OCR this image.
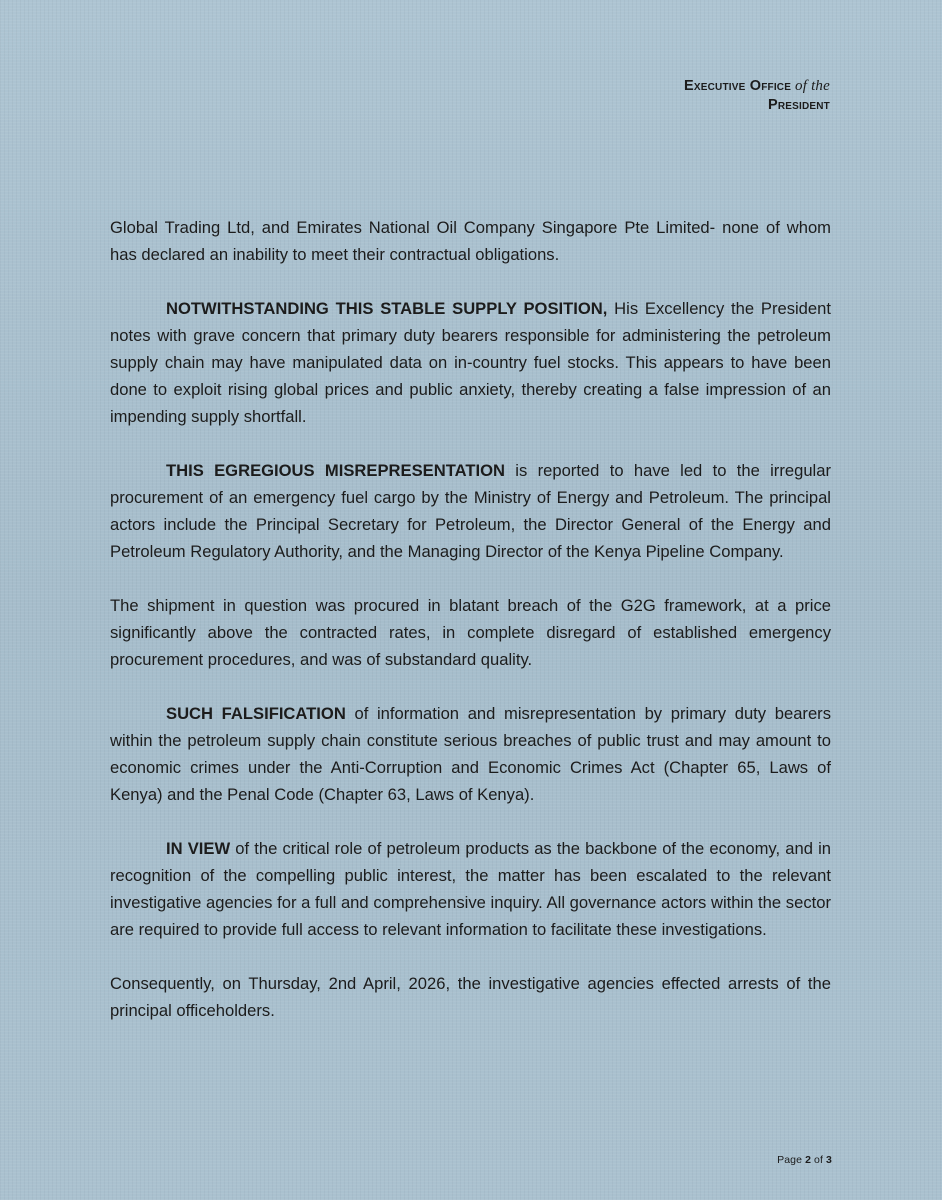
Executive Office of the
President

Global Trading Ltd, and Emirates National Oil Company Singapore Pte Limited- none of whom has declared an inability to meet their contractual obligations.

NOTWITHSTANDING THIS STABLE SUPPLY POSITION, His Excellency the President notes with grave concern that primary duty bearers responsible for administering the petroleum supply chain may have manipulated data on in-country fuel stocks. This appears to have been done to exploit rising global prices and public anxiety, thereby creating a false impression of an impending supply shortfall.

THIS EGREGIOUS MISREPRESENTATION is reported to have led to the irregular procurement of an emergency fuel cargo by the Ministry of Energy and Petroleum. The principal actors include the Principal Secretary for Petroleum, the Director General of the Energy and Petroleum Regulatory Authority, and the Managing Director of the Kenya Pipeline Company.

The shipment in question was procured in blatant breach of the G2G framework, at a price significantly above the contracted rates, in complete disregard of established emergency procurement procedures, and was of substandard quality.

SUCH FALSIFICATION of information and misrepresentation by primary duty bearers within the petroleum supply chain constitute serious breaches of public trust and may amount to economic crimes under the Anti-Corruption and Economic Crimes Act (Chapter 65, Laws of Kenya) and the Penal Code (Chapter 63, Laws of Kenya).

IN VIEW of the critical role of petroleum products as the backbone of the economy, and in recognition of the compelling public interest, the matter has been escalated to the relevant investigative agencies for a full and comprehensive inquiry. All governance actors within the sector are required to provide full access to relevant information to facilitate these investigations.

Consequently, on Thursday, 2nd April, 2026, the investigative agencies effected arrests of the principal officeholders.

Page 2 of 3
